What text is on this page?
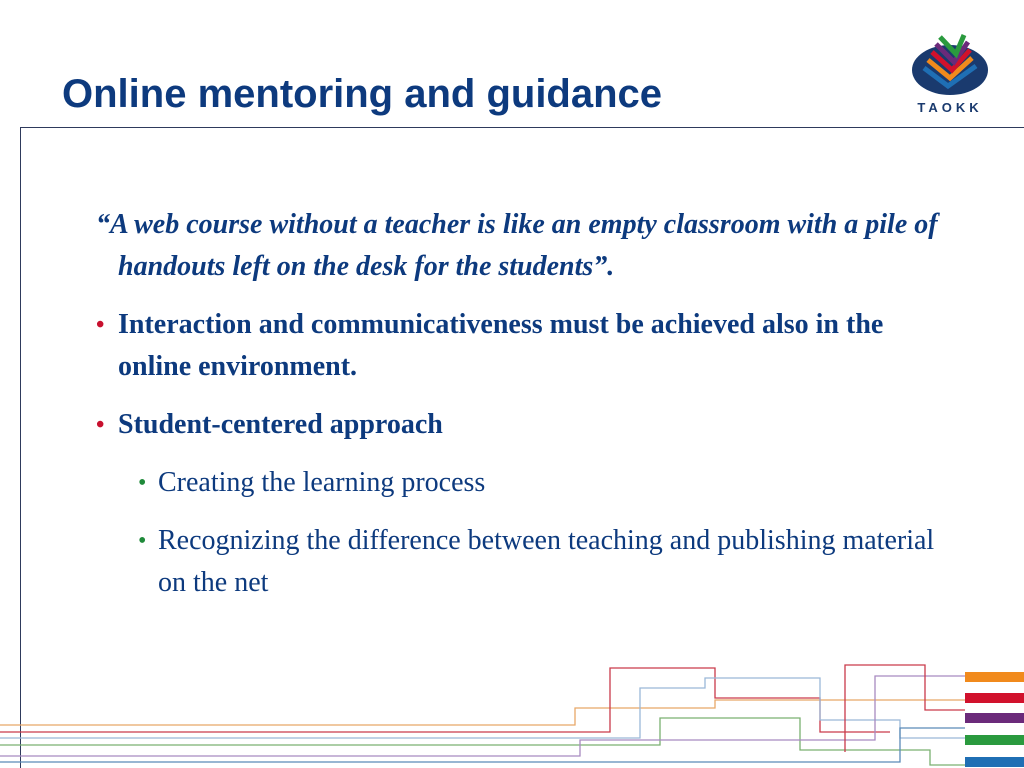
Online mentoring and guidance	TAOKK
“A web course without a teacher is like an empty classroom with a pile of handouts left on the desk for the students”.
• Interaction and communicativeness must be achieved also in the online environment.
• Student-centered approach
• Creating the learning process
• Recognizing the difference between teaching and publishing material on the net
